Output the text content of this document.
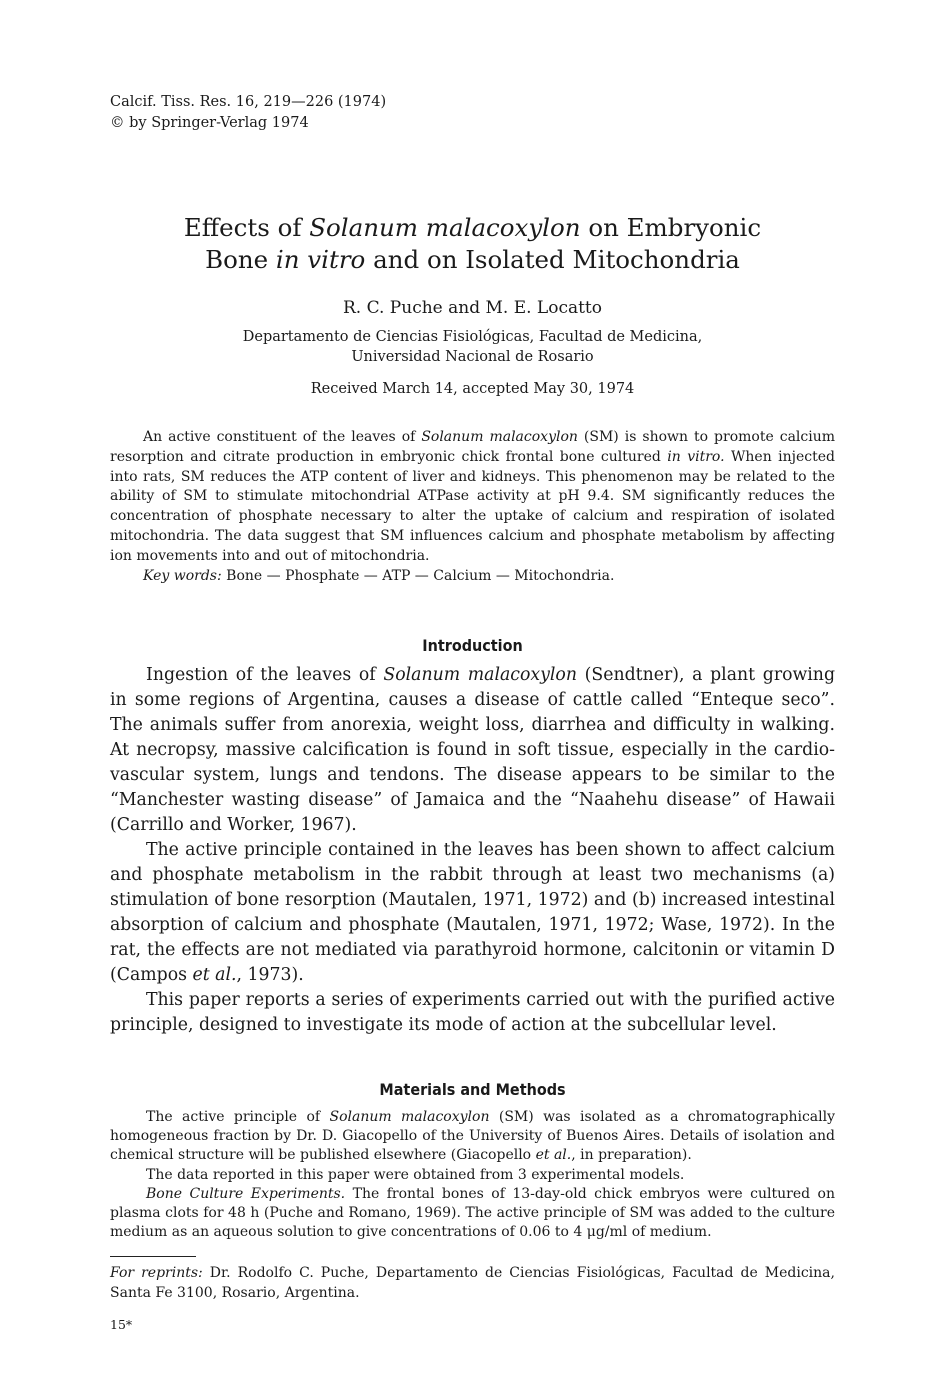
Calcif. Tiss. Res. 16, 219—226 (1974)
© by Springer-Verlag 1974
Effects of Solanum malacoxylon on Embryonic
Bone in vitro and on Isolated Mitochondria
R. C. Puche and M. E. Locatto
Departamento de Ciencias Fisiológicas, Facultad de Medicina,
Universidad Nacional de Rosario
Received March 14, accepted May 30, 1974

An active constituent of the leaves of Solanum malacoxylon (SM) is shown to promote calcium resorption and citrate production in embryonic chick frontal bone cultured in vitro. When injected into rats, SM reduces the ATP content of liver and kidneys. This phenomenon may be related to the ability of SM to stimulate mitochondrial ATPase activity at pH 9.4. SM significantly reduces the concentration of phosphate necessary to alter the uptake of calcium and respiration of isolated mitochondria. The data suggest that SM influences calcium and phosphate metabolism by affecting ion movements into and out of mitochondria.

Key words: Bone — Phosphate — ATP — Calcium — Mitochondria.

Introduction

Ingestion of the leaves of Solanum malacoxylon (Sendtner), a plant growing in some regions of Argentina, causes a disease of cattle called “Enteque seco”. The animals suffer from anorexia, weight loss, diarrhea and difficulty in walking. At necropsy, massive calcification is found in soft tissue, especially in the cardiovascular system, lungs and tendons. The disease appears to be similar to the “Manchester wasting disease” of Jamaica and the “Naahehu disease” of Hawaii (Carrillo and Worker, 1967).

The active principle contained in the leaves has been shown to affect calcium and phosphate metabolism in the rabbit through at least two mechanisms (a) stimulation of bone resorption (Mautalen, 1971, 1972) and (b) increased intestinal absorption of calcium and phosphate (Mautalen, 1971, 1972; Wase, 1972). In the rat, the effects are not mediated via parathyroid hormone, calcitonin or vitamin D (Campos et al., 1973).

This paper reports a series of experiments carried out with the purified active principle, designed to investigate its mode of action at the subcellular level.

Materials and Methods

The active principle of Solanum malacoxylon (SM) was isolated as a chromatographically homogeneous fraction by Dr. D. Giacopello of the University of Buenos Aires. Details of isolation and chemical structure will be published elsewhere (Giacopello et al., in preparation).

The data reported in this paper were obtained from 3 experimental models.

Bone Culture Experiments. The frontal bones of 13-day-old chick embryos were cultured on plasma clots for 48 h (Puche and Romano, 1969). The active principle of SM was added to the culture medium as an aqueous solution to give concentrations of 0.06 to 4 μg/ml of medium.

For reprints: Dr. Rodolfo C. Puche, Departamento de Ciencias Fisiológicas, Facultad de Medicina, Santa Fe 3100, Rosario, Argentina.
15*
